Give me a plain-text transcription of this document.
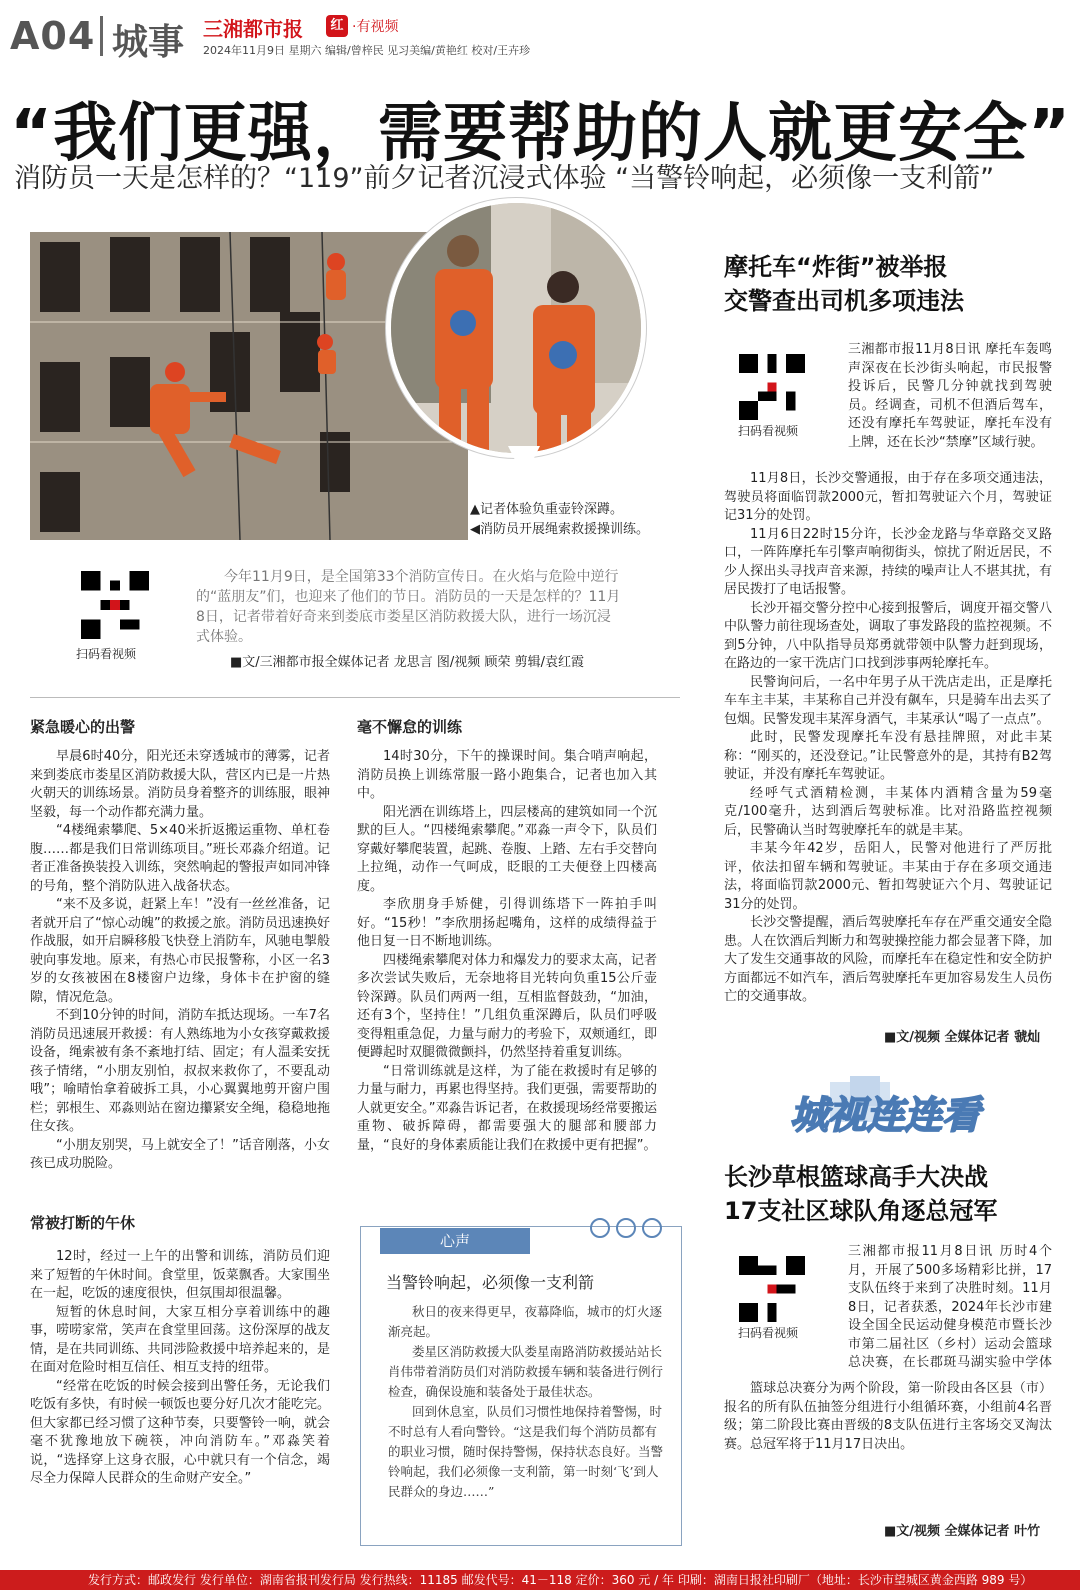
A04 城事 三湘都市报	红 ·有视频
2024年11月9日 星期六 编辑/曾梓民 见习美编/黄艳红 校对/王卉珍
“我们更强，需要帮助的人就更安全”
消防员一天是怎样的？“119”前夕记者沉浸式体验 “当警铃响起，必须像一支利箭”
▲记者体验负重壶铃深蹲。
◀消防员开展绳索救援操训练。
扫码看视频
今年11月9日，是全国第33个消防宣传日。在火焰与危险中逆行的“蓝朋友”们，也迎来了他们的节日。消防员的一天是怎样的？11月8日，记者带着好奇来到娄底市娄星区消防救援大队，进行一场沉浸式体验。
■文/三湘都市报全媒体记者 龙思言 图/视频 顾荣 剪辑/袁红霞
紧急暖心的出警

早晨6时40分，阳光还未穿透城市的薄雾，记者来到娄底市娄星区消防救援大队，营区内已是一片热火朝天的训练场景。消防员身着整齐的训练服，眼神坚毅，每一个动作都充满力量。

“4楼绳索攀爬、5×40米折返搬运重物、单杠卷腹……都是我们日常训练项目。”班长邓淼介绍道。记者正准备换装投入训练，突然响起的警报声如同冲锋的号角，整个消防队进入战备状态。

“来不及多说，赶紧上车！”没有一丝丝准备，记者就开启了“惊心动魄”的救援之旅。消防员迅速换好作战服，如开启瞬移般飞快登上消防车，风驰电掣般驶向事发地。原来，有热心市民报警称，小区一名3岁的女孩被困在8楼窗户边缘，身体卡在护窗的缝隙，情况危急。

不到10分钟的时间，消防车抵达现场。一车7名消防员迅速展开救援：有人熟练地为小女孩穿戴救援设备，绳索被有条不紊地打结、固定；有人温柔安抚孩子情绪，“小朋友别怕，叔叔来救你了，不要乱动哦”；喻晴怡拿着破拆工具，小心翼翼地剪开窗户围栏；郭根生、邓淼则站在窗边攥紧安全绳，稳稳地拖住女孩。

“小朋友别哭，马上就安全了！”话音刚落，小女孩已成功脱险。

常被打断的午休

12时，经过一上午的出警和训练，消防员们迎来了短暂的午休时间。食堂里，饭菜飘香。大家围坐在一起，吃饭的速度很快，但氛围却很温馨。

短暂的休息时间，大家互相分享着训练中的趣事，唠唠家常，笑声在食堂里回荡。这份深厚的战友情，是在共同训练、共同涉险救援中培养起来的，是在面对危险时相互信任、相互支持的纽带。

“经常在吃饭的时候会接到出警任务，无论我们吃饭有多快，有时候一顿饭也要分好几次才能吃完。但大家都已经习惯了这种节奏，只要警铃一响，就会毫不犹豫地放下碗筷，冲向消防车。”邓淼笑着说，“选择穿上这身衣服，心中就只有一个信念，竭尽全力保障人民群众的生命财产安全。”

毫不懈怠的训练

14时30分，下午的操课时间。集合哨声响起，消防员换上训练常服一路小跑集合，记者也加入其中。

阳光洒在训练塔上，四层楼高的建筑如同一个沉默的巨人。“四楼绳索攀爬。”邓淼一声令下，队员们穿戴好攀爬装置，起跳、卷腹、上踏、左右手交替向上拉绳，动作一气呵成，眨眼的工夫便登上四楼高度。

李欣朋身手矫健，引得训练塔下一阵拍手叫好。“15秒！”李欣朋扬起嘴角，这样的成绩得益于他日复一日不断地训练。

四楼绳索攀爬对体力和爆发力的要求太高，记者多次尝试失败后，无奈地将目光转向负重15公斤壶铃深蹲。队员们两两一组，互相监督鼓劲，“加油，还有3个，坚持住！”几组负重深蹲后，队员们呼吸变得粗重急促，力量与耐力的考验下，双颊通红，即便蹲起时双腿微微颤抖，仍然坚持着重复训练。

“日常训练就是这样，为了能在救援时有足够的力量与耐力，再累也得坚持。我们更强，需要帮助的人就更安全。”邓淼告诉记者，在救援现场经常要搬运重物、破拆障碍，都需要强大的腿部和腰部力量，“良好的身体素质能让我们在救援中更有把握”。

心声
当警铃响起，必须像一支利箭

秋日的夜来得更早，夜幕降临，城市的灯火逐渐亮起。

娄星区消防救援大队娄星南路消防救援站站长肖伟带着消防员们对消防救援车辆和装备进行例行检查，确保设施和装备处于最佳状态。

回到休息室，队员们习惯性地保持着警惕，时不时总有人看向警铃。“这是我们每个消防员都有的职业习惯，随时保持警惕，保持状态良好。当警铃响起，我们必须像一支利箭，第一时刻‘飞’到人民群众的身边……”

摩托车“炸街”被举报
交警查出司机多项违法
扫码看视频
三湘都市报11月8日讯 摩托车轰鸣声深夜在长沙街头响起，市民报警投诉后，民警几分钟就找到驾驶员。经调查，司机不但酒后驾车，还没有摩托车驾驶证，摩托车没有上牌，还在长沙“禁摩”区域行驶。

11月8日，长沙交警通报，由于存在多项交通违法，驾驶员将面临罚款2000元，暂扣驾驶证六个月，驾驶证记31分的处罚。

11月6日22时15分许，长沙金龙路与华章路交叉路口，一阵阵摩托车引擎声响彻街头，惊扰了附近居民，不少人探出头寻找声音来源，持续的噪声让人不堪其扰，有居民拨打了电话报警。

长沙开福交警分控中心接到报警后，调度开福交警八中队警力前往现场查处，调取了事发路段的监控视频。不到5分钟，八中队指导员郑勇就带领中队警力赶到现场，在路边的一家干洗店门口找到涉事两轮摩托车。

民警询问后，一名中年男子从干洗店走出，正是摩托车车主丰某，丰某称自己并没有飙车，只是骑车出去买了包烟。民警发现丰某浑身酒气，丰某承认“喝了一点点”。

此时，民警发现摩托车没有悬挂牌照，对此丰某称：“刚买的，还没登记。”让民警意外的是，其持有B2驾驶证，并没有摩托车驾驶证。

经呼气式酒精检测，丰某体内酒精含量为59毫克/100毫升，达到酒后驾驶标准。比对沿路监控视频后，民警确认当时驾驶摩托车的就是丰某。

丰某今年42岁，岳阳人，民警对他进行了严厉批评，依法扣留车辆和驾驶证。丰某由于存在多项交通违法，将面临罚款2000元、暂扣驾驶证六个月、驾驶证记31分的处罚。

长沙交警提醒，酒后驾驶摩托车存在严重交通安全隐患。人在饮酒后判断力和驾驶操控能力都会显著下降，加大了发生交通事故的风险，而摩托车在稳定性和安全防护方面都远不如汽车，酒后驾驶摩托车更加容易发生人员伤亡的交通事故。

■文/视频 全媒体记者 虢灿
城视连连看
长沙草根篮球高手大决战
17支社区球队角逐总冠军
扫码看视频
三湘都市报11月8日讯 历时4个月，开展了500多场精彩比拼，17支队伍终于来到了决胜时刻。11月8日，记者获悉，2024年长沙市建设全国全民运动健身模范市暨长沙市第二届社区（乡村）运动会篮球总决赛，在长郡斑马湖实验中学体

篮球总决赛分为两个阶段，第一阶段由各区县（市）报名的所有队伍抽签分组进行小组循环赛，小组前4名晋级；第二阶段比赛由晋级的8支队伍进行主客场交叉淘汰赛。总冠军将于11月17日决出。

■文/视频 全媒体记者 叶竹
发行方式：邮政发行 发行单位：湖南省报刊发行局 发行热线：11185 邮发代号：41－118 定价：360 元 / 年 印刷：湖南日报社印刷厂（地址：长沙市望城区黄金西路 989 号）
